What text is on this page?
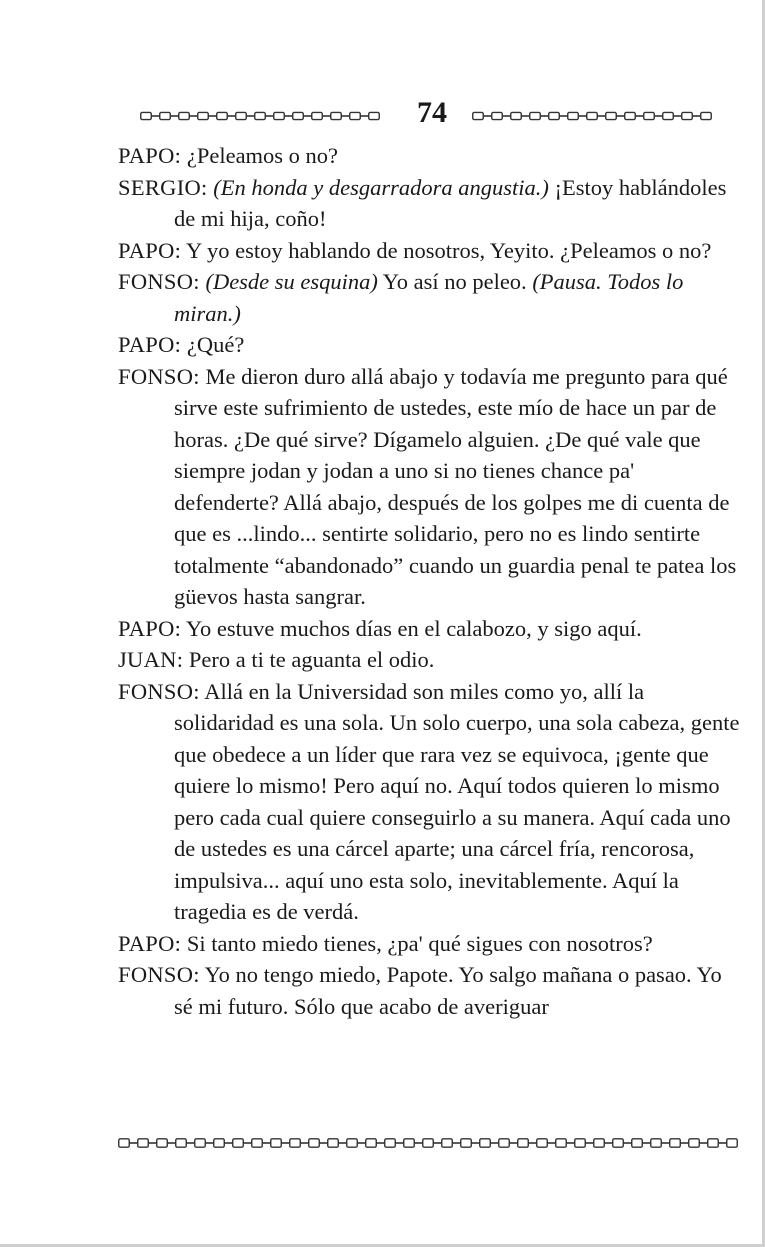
74

PAPO: ¿Peleamos o no?

SERGIO: (En honda y desgarradora angustia.) ¡Estoy hablándoles de mi hija, coño!

PAPO: Y yo estoy hablando de nosotros, Yeyito. ¿Peleamos o no?

FONSO: (Desde su esquina) Yo así no peleo. (Pausa. Todos lo miran.)

PAPO: ¿Qué?

FONSO: Me dieron duro allá abajo y todavía me pregunto para qué sirve este sufrimiento de ustedes, este mío de hace un par de horas. ¿De qué sirve? Dígamelo alguien. ¿De qué vale que siempre jodan y jodan a uno si no tienes chance pa' defenderte? Allá abajo, después de los golpes me di cuenta de que es ...lindo... sentirte solidario, pero no es lindo sentirte totalmente “abandonado” cuando un guardia penal te patea los güevos hasta sangrar.

PAPO: Yo estuve muchos días en el calabozo, y sigo aquí.

JUAN: Pero a ti te aguanta el odio.

FONSO: Allá en la Universidad son miles como yo, allí la solidaridad es una sola. Un solo cuerpo, una sola cabeza, gente que obedece a un líder que rara vez se equivoca, ¡gente que quiere lo mismo! Pero aquí no. Aquí todos quieren lo mismo pero cada cual quiere conseguirlo a su manera. Aquí cada uno de ustedes es una cárcel aparte; una cárcel fría, rencorosa, impulsiva... aquí uno esta solo, inevitablemente. Aquí la tragedia es de verdá.

PAPO: Si tanto miedo tienes, ¿pa' qué sigues con nosotros?

FONSO: Yo no tengo miedo, Papote. Yo salgo mañana o pasao. Yo sé mi futuro. Sólo que acabo de averiguar
